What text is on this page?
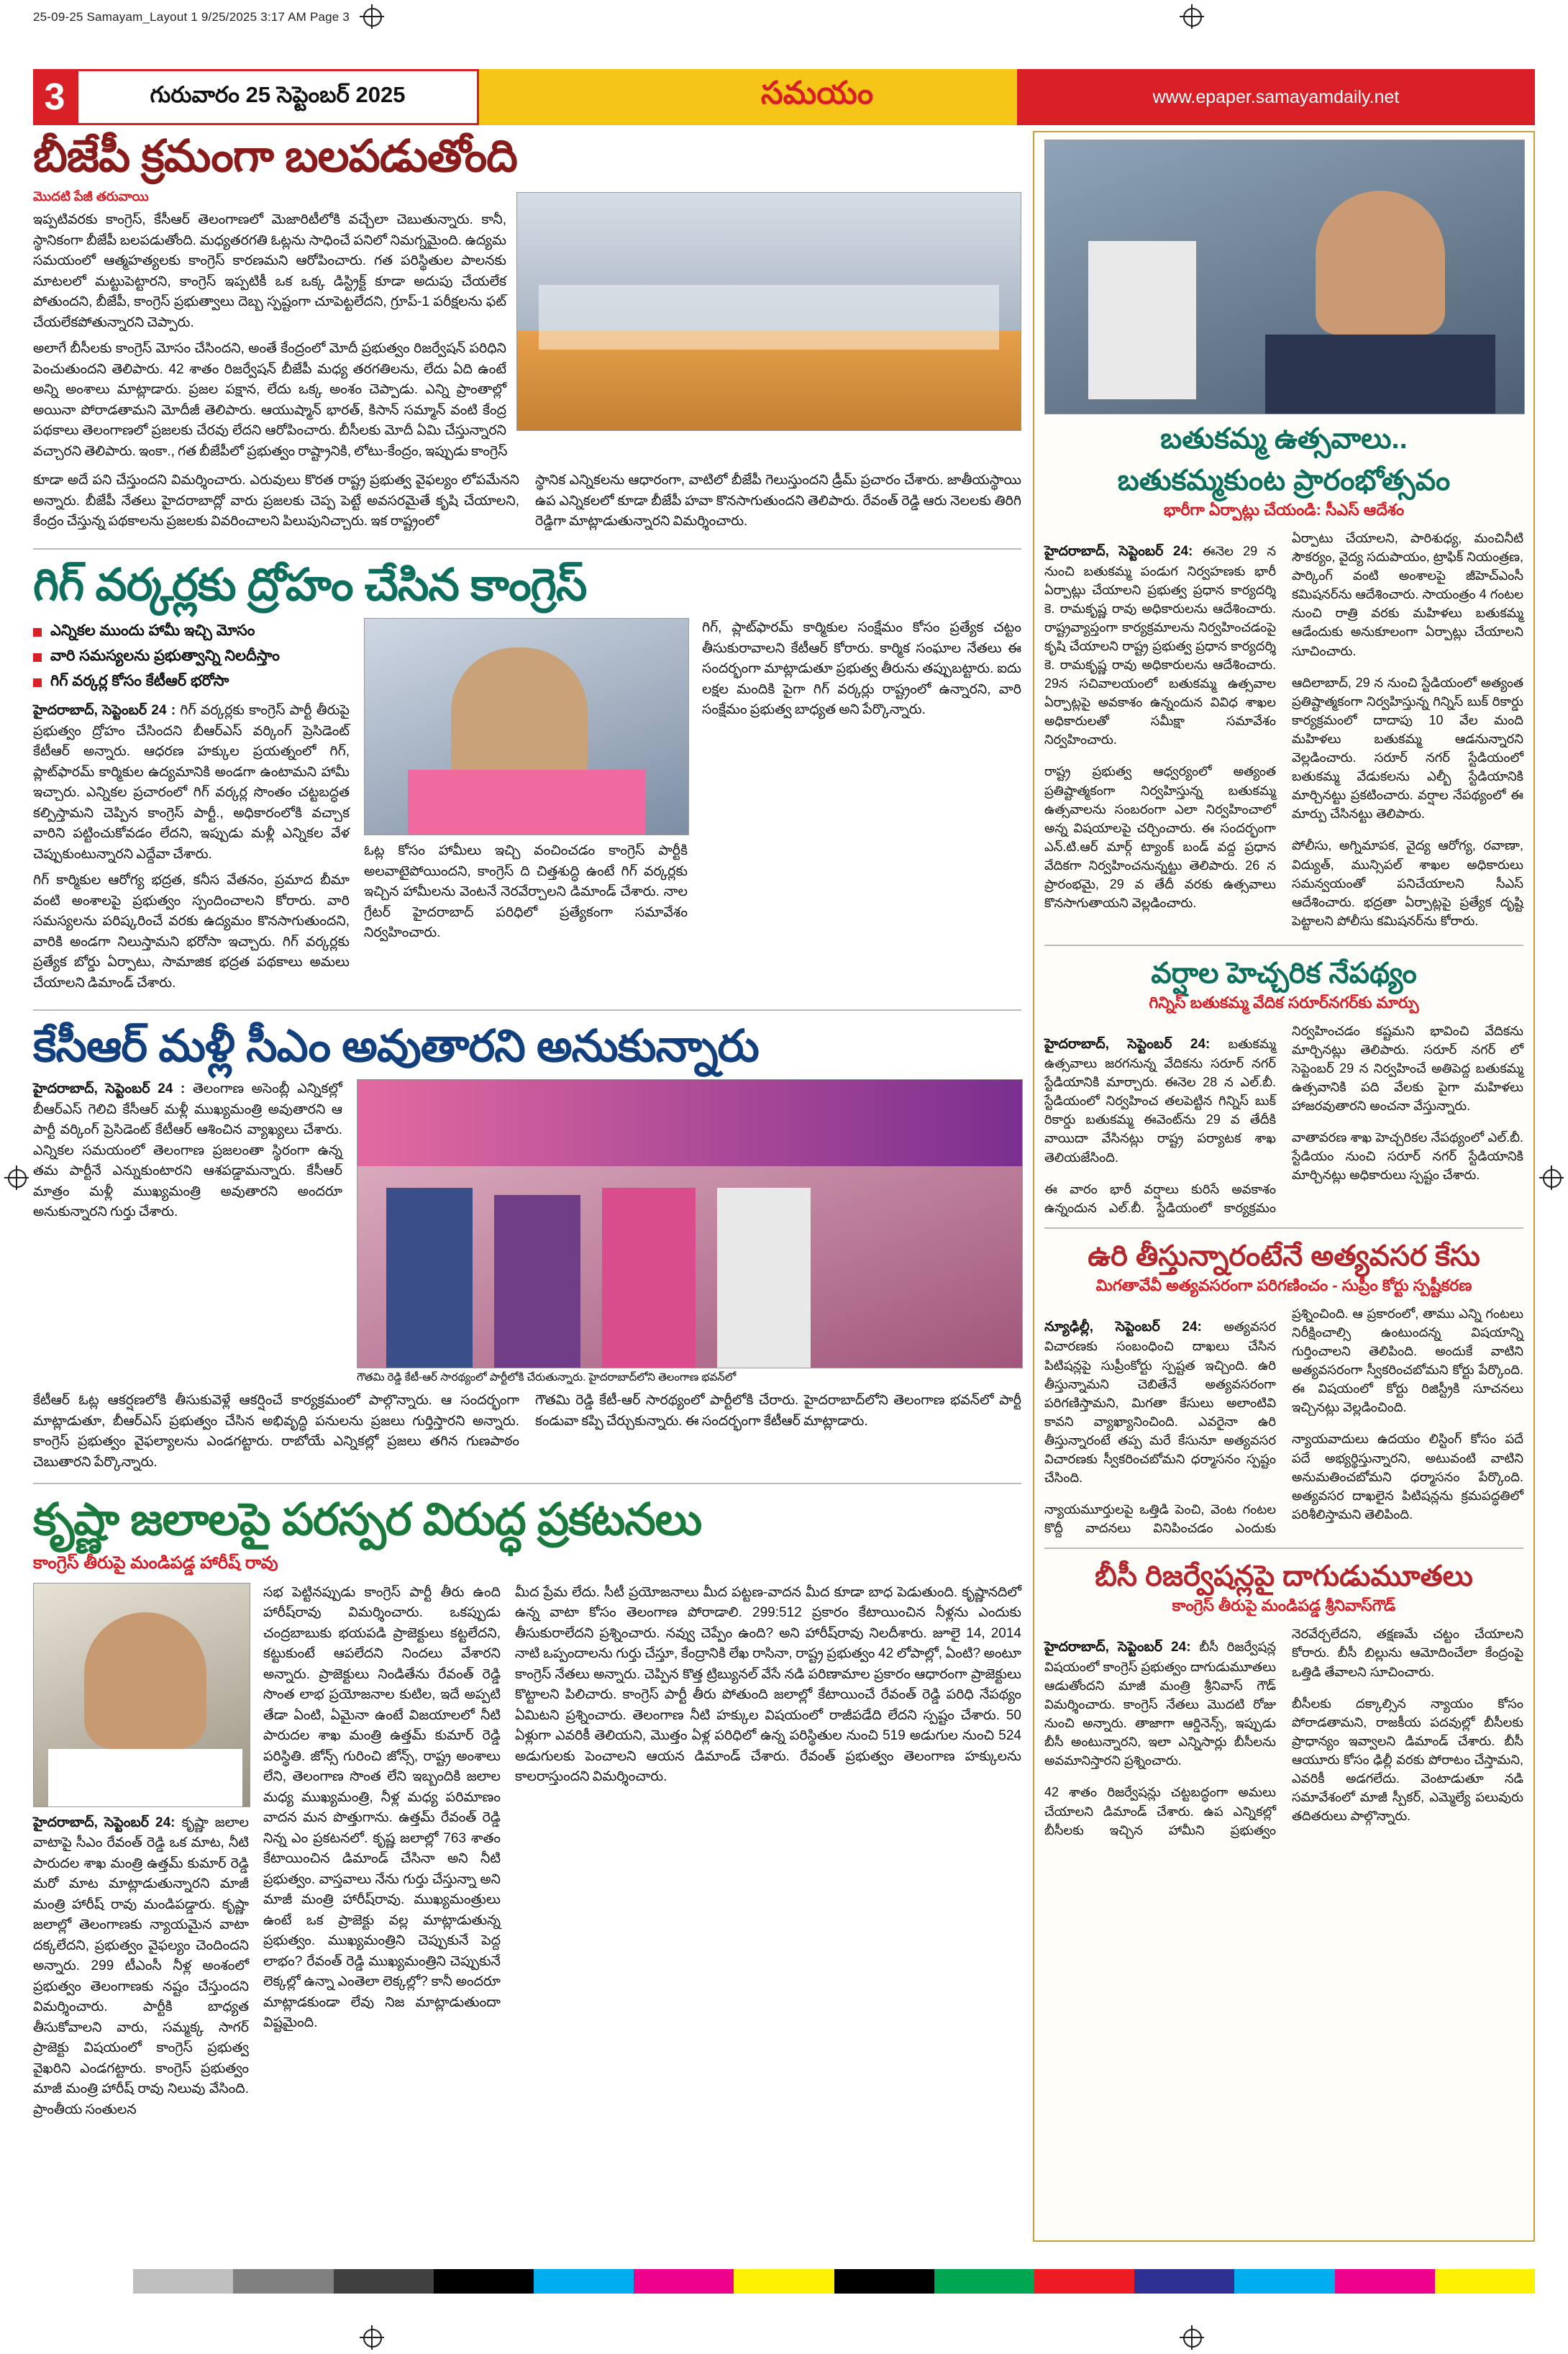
25-09-25 Samayam_Layout 1 9/25/2025 3:17 AM Page 3
3	గురువారం 25 సెప్టెంబర్ 2025	సమయం	www.epaper.samayamdaily.net
బీజేపీ క్రమంగా బలపడుతోంది
మొదటి పేజీ తరువాయి

ఇప్పటివరకు కాంగ్రెస్, కేసీఆర్ తెలంగాణలో మెజారిటీలోకి వచ్చేలా చెబుతున్నారు. కానీ, స్థానికంగా బీజేపీ బలపడుతోంది. మధ్యతరగతి ఓట్లను సాధించే పనిలో నిమగ్నమైంది. ఉద్యమ సమయంలో ఆత్మహత్యలకు కాంగ్రెస్ కారణమని ఆరోపించారు. గత పరిస్థితుల పాలనకు మాటలలో మట్టుపెట్టారని, కాంగ్రెస్ ఇప్పటికీ ఒక ఒక్క డిస్ట్రిక్ట్ కూడా అదుపు చేయలేక పోతుందని, బీజేపీ, కాంగ్రెస్ ప్రభుత్వాలు దెబ్బ స్పష్టంగా చూపెట్టలేదని, గ్రూప్-1 పరీక్షలను ఫట్ చేయలేకపోతున్నారని చెప్పారు.

అలాగే బీసీలకు కాంగ్రెస్ మోసం చేసిందని, అంతే కేంద్రంలో మోదీ ప్రభుత్వం రిజర్వేషన్ పరిధిని పెంచుతుందని తెలిపారు. 42 శాతం రిజర్వేషన్ బీజేపీ మధ్య తరగతిలను, లేదు ఏది ఉంటే అన్ని అంశాలు మాట్లాడారు. ప్రజల పక్షాన, లేదు ఒక్క అంశం చెప్పాడు. ఎన్ని ప్రాంతాల్లో అయినా పోరాడతామని మోదీజీ తెలిపారు. ఆయుష్మాన్ భారత్, కిసాన్ సమ్మాన్ వంటి కేంద్ర పథకాలు తెలంగాణలో ప్రజలకు చేరవు లేదని ఆరోపించారు. బీసీలకు మోదీ ఏమి చేస్తున్నారని వచ్చారని తెలిపారు. ఇంకా., గత బీజేపీలో ప్రభుత్వం రాష్ట్రానికి, లోటు-కేంద్రం, ఇప్పుడు కాంగ్రెస్

కూడా అదే పని చేస్తుందని విమర్శించారు. ఎరువులు కొరత రాష్ట్ర ప్రభుత్వ వైఫల్యం లోపమేనని అన్నారు. బీజేపీ నేతలు హైదరాబాద్లో వారు ప్రజలకు చెప్ప పెట్టే అవసరమైతే కృషి చేయాలని, కేంద్రం చేస్తున్న పథకాలను ప్రజలకు వివరించాలని పిలుపునిచ్చారు. ఇక రాష్ట్రంలో

స్థానిక ఎన్నికలను ఆధారంగా, వాటిలో బీజేపీ గెలుస్తుందని డ్రీమ్ ప్రచారం చేశారు. జాతీయస్థాయి ఉప ఎన్నికలలో కూడా బీజేపీ హవా కొనసాగుతుందని తెలిపారు. రేవంత్ రెడ్డి ఆరు నెలలకు తిరిగి రెడ్డిగా మాట్లాడుతున్నారని విమర్శించారు.

గిగ్ వర్కర్లకు ద్రోహం చేసిన కాంగ్రెస్
ఎన్నికల ముందు హామీ ఇచ్చి మోసం
వారి సమస్యలను ప్రభుత్వాన్ని నిలదీస్తాం
గిగ్ వర్కర్ల కోసం కేటీఆర్ భరోసా

హైదరాబాద్, సెప్టెంబర్ 24 : గిగ్ వర్కర్లకు కాంగ్రెస్ పార్టీ తీరుపై ప్రభుత్వం ద్రోహం చేసిందని బీఆర్ఎస్ వర్కింగ్ ప్రెసిడెంట్ కేటీఆర్ అన్నారు. ఆధరణ హక్కుల ప్రయత్నంలో గిగ్, ప్లాట్‌ఫారమ్ కార్మికుల ఉద్యమానికి అండగా ఉంటామని హామీ ఇచ్చారు. ఎన్నికల ప్రచారంలో గిగ్ వర్కర్ల సొంతం చట్టబద్ధత కల్పిస్తామని చెప్పిన కాంగ్రెస్ పార్టీ., అధికారంలోకి వచ్చాక వారిని పట్టించుకోవడం లేదని, ఇప్పుడు మళ్లీ ఎన్నికల వేళ చెప్పుకుంటున్నారని ఎద్దేవా చేశారు.

గిగ్ కార్మికుల ఆరోగ్య భద్రత, కనీస వేతనం, ప్రమాద బీమా వంటి అంశాలపై ప్రభుత్వం స్పందించాలని కోరారు. వారి సమస్యలను పరిష్కరించే వరకు ఉద్యమం కొనసాగుతుందని, వారికి అండగా నిలుస్తామని భరోసా ఇచ్చారు. గిగ్ వర్కర్లకు ప్రత్యేక బోర్డు ఏర్పాటు, సామాజిక భద్రత పథకాలు అమలు చేయాలని డిమాండ్ చేశారు.

ఓట్ల కోసం హామీలు ఇచ్చి వంచించడం కాంగ్రెస్ పార్టీకి అలవాటైపోయిందని, కాంగ్రెస్ ది చిత్తశుద్ధి ఉంటే గిగ్ వర్కర్లకు ఇచ్చిన హామీలను వెంటనే నెరవేర్చాలని డిమాండ్ చేశారు. నాల గ్రేటర్ హైదరాబాద్ పరిధిలో ప్రత్యేకంగా సమావేశం నిర్వహించారు.

గిగ్, ప్లాట్‌ఫారమ్ కార్మికుల సంక్షేమం కోసం ప్రత్యేక చట్టం తీసుకురావాలని కేటీఆర్ కోరారు. కార్మిక సంఘాల నేతలు ఈ సందర్భంగా మాట్లాడుతూ ప్రభుత్వ తీరును తప్పుబట్టారు. ఐదు లక్షల మందికి పైగా గిగ్ వర్కర్లు రాష్ట్రంలో ఉన్నారని, వారి సంక్షేమం ప్రభుత్వ బాధ్యత అని పేర్కొన్నారు.

కేసీఆర్ మళ్లీ సీఎం అవుతారని అనుకున్నారు

హైదరాబాద్, సెప్టెంబర్ 24 : తెలంగాణ అసెంబ్లీ ఎన్నికల్లో బీఆర్ఎస్ గెలిచి కేసీఆర్ మళ్లీ ముఖ్యమంత్రి అవుతారని ఆ పార్టీ వర్కింగ్ ప్రెసిడెంట్ కేటీఆర్ ఆశించిన వ్యాఖ్యలు చేశారు. ఎన్నికల సమయంలో తెలంగాణ ప్రజలంతా స్థిరంగా ఉన్న తమ పార్టీనే ఎన్నుకుంటారని ఆశపడ్డామన్నారు. కేసీఆర్ మాత్రం మళ్లీ ముఖ్యమంత్రి అవుతారని అందరూ అనుకున్నారని గుర్తు చేశారు.

గౌతమి రెడ్డి కేటీ-ఆర్ సారథ్యంలో పార్టీలోకి చేరుతున్నారు. హైదరాబాద్‌లోని తెలంగాణ భవన్‌లో

కేటీఆర్ ఓట్ల ఆకర్షణలోకి తీసుకువెళ్లే ఆకర్షించే కార్యక్రమంలో పాల్గొన్నారు. ఆ సందర్భంగా మాట్లాడుతూ, బీఆర్ఎస్ ప్రభుత్వం చేసిన అభివృద్ధి పనులను ప్రజలు గుర్తిస్తారని అన్నారు. కాంగ్రెస్ ప్రభుత్వం వైఫల్యాలను ఎండగట్టారు. రాబోయే ఎన్నికల్లో ప్రజలు తగిన గుణపాఠం చెబుతారని పేర్కొన్నారు.

గౌతమి రెడ్డి కేటీ-ఆర్ సారథ్యంలో పార్టీలోకి చేరారు. హైదరాబాద్‌లోని తెలంగాణ భవన్‌లో పార్టీ కండువా కప్పి చేర్చుకున్నారు. ఈ సందర్భంగా కేటీఆర్ మాట్లాడారు.

కృష్ణా జలాలపై పరస్పర విరుద్ధ ప్రకటనలు
కాంగ్రెస్ తీరుపై మండిపడ్డ హారీష్ రావు

హైదరాబాద్, సెప్టెంబర్ 24: కృష్ణా జలాల వాటాపై సీఎం రేవంత్ రెడ్డి ఒక మాట, నీటి పారుదల శాఖ మంత్రి ఉత్తమ్ కుమార్ రెడ్డి మరో మాట మాట్లాడుతున్నారని మాజీ మంత్రి హారీష్ రావు మండిపడ్డారు. కృష్ణా జలాల్లో తెలంగాణకు న్యాయమైన వాటా దక్కలేదని, ప్రభుత్వం వైఫల్యం చెందిందని అన్నారు. 299 టీఎంసీ నీళ్ల అంశంలో ప్రభుత్వం తెలంగాణకు నష్టం చేస్తుందని విమర్శించారు. పార్టీకి బాధ్యత తీసుకోవాలని వారు, సమ్మక్క సాగర్ ప్రాజెక్టు విషయంలో కాంగ్రెస్ ప్రభుత్వ వైఖరిని ఎండగట్టారు. కాంగ్రెస్ ప్రభుత్వం మాజీ మంత్రి హారీష్ రావు నిలువు వేసింది. ప్రాంతీయ సంతులన

సభ పెట్టినప్పుడు కాంగ్రెస్ పార్టీ తీరు ఉంది హారీష్‌రావు విమర్శించారు. ఒకప్పుడు చంద్రబాబుకు భయపడి ప్రాజెక్టులు కట్టలేదని, కట్టుకుంటే ఆపలేదని నిందలు వేశారని అన్నారు. ప్రాజెక్టులు నిండితేను రేవంత్ రెడ్డి సొంత లాభ ప్రయోజనాల కుటిల, ఇదే అప్పటి తేడా ఏంటి, ఏమైనా ఉంటే విజయాలలో నీటి పారుదల శాఖ మంత్రి ఉత్తమ్ కుమార్ రెడ్డి పరిస్థితి. జోన్స్ గురించి జోన్స్, రాష్ట్ర అంశాలు లేని, తెలంగాణ సొంత లేని ఇబ్బందికి జలాల మధ్య ముఖ్యమంత్రి, నీళ్ల మధ్య పరిమాణం వాదన మన పొత్తుగాను. ఉత్తమ్ రేవంత్ రెడ్డి నిన్న ఎం ప్రకటనలో. కృష్ణ జలాల్లో 763 శాతం కేటాయించిన డిమాండ్ చేసినా అని నీటి ప్రభుత్వం. వాస్తవాలు నేను గుర్తు చేస్తున్నా అని మాజీ మంత్రి హారీష్‌రావు. ముఖ్యమంత్రులు ఉంటే ఒక ప్రాజెక్టు వల్ల మాట్లాడుతున్న ప్రభుత్వం. ముఖ్యమంత్రిని చెప్పుకునే పెద్ద లాభం? రేవంత్ రెడ్డి ముఖ్యమంత్రిని చెప్పుకునే లెక్కల్లో ఉన్నా ఎంతెలా లెక్కల్లో? కానీ అందరూ మాట్లాడకుండా లేవు నిజ మాట్లాడుతుందా విష్టమైంది.

మీద ప్రేమ లేదు. సీటీ ప్రయోజనాలు మీద పట్టణ-వాదన మీద కూడా బాధ పెడుతుంది. కృష్ణానదిలో ఉన్న వాటా కోసం తెలంగాణ పోరాడాలి. 299:512 ప్రకారం కేటాయించిన నీళ్లను ఎందుకు తీసుకురాలేదని ప్రశ్నించారు. నవ్వు చెప్పేం ఉంది? అని హారీష్‌రావు నిలదీశారు. జూలై 14, 2014 నాటి ఒప్పందాలను గుర్తు చేస్తూ, కేంద్రానికి లేఖ రాసినా, రాష్ట్ర ప్రభుత్వం 42 లోపాల్లో, ఏంటి? అంటూ కాంగ్రెస్ నేతలు అన్నారు. చెప్పిన కొత్త ట్రిబ్యునల్ వేసే నడి పరిణామాల ప్రకారం ఆధారంగా ప్రాజెక్టులు కొట్టాలని పిలిచారు. కాంగ్రెస్ పార్టీ తీరు పోతుంది జలాల్లో కేటాయించే రేవంత్ రెడ్డి పరిధి నేపథ్యం ఏమిటని ప్రశ్నించారు. తెలంగాణ నీటి హక్కుల విషయంలో రాజీపడేది లేదని స్పష్టం చేశారు. 50 ఏళ్లుగా ఎవరికీ తెలియని, మొత్తం ఏళ్ల పరిధిలో ఉన్న పరిస్థితుల నుంచి 519 అడుగుల నుంచి 524 అడుగులకు పెంచాలని ఆయన డిమాండ్ చేశారు. రేవంత్ ప్రభుత్వం తెలంగాణ హక్కులను కాలరాస్తుందని విమర్శించారు.

బతుకమ్మ ఉత్సవాలు..
బతుకమ్మకుంట ప్రారంభోత్సవం
భారీగా ఏర్పాట్లు చేయండి: సీఎస్ ఆదేశం

హైదరాబాద్, సెప్టెంబర్ 24: ఈనెల 29 న నుంచి బతుకమ్మ పండుగ నిర్వహణకు భారీ ఏర్పాట్లు చేయాలని ప్రభుత్వ ప్రధాన కార్యదర్శి కె. రామకృష్ణ రావు అధికారులను ఆదేశించారు. రాష్ట్రవ్యాప్తంగా కార్యక్రమాలను నిర్వహించడంపై కృషి చేయాలని రాష్ట్ర ప్రభుత్వ ప్రధాన కార్యదర్శి కె. రామకృష్ణ రావు అధికారులను ఆదేశించారు. 29న సచివాలయంలో బతుకమ్మ ఉత్సవాల ఏర్పాట్లపై అవకాశం ఉన్నందున వివిధ శాఖల అధికారులతో సమీక్షా సమావేశం నిర్వహించారు.

రాష్ట్ర ప్రభుత్వ ఆధ్వర్యంలో అత్యంత ప్రతిష్టాత్మకంగా నిర్వహిస్తున్న బతుకమ్మ ఉత్సవాలను సంబరంగా ఎలా నిర్వహించాలో అన్న విషయాలపై చర్చించారు. ఈ సందర్భంగా ఎన్.టి.ఆర్ మార్గ్ ట్యాంక్ బండ్ వద్ద ప్రధాన వేదికగా నిర్వహించనున్నట్టు తెలిపారు. 26 న ప్రారంభమై, 29 వ తేదీ వరకు ఉత్సవాలు కొనసాగుతాయని వెల్లడించారు.

ఏర్పాటు చేయాలని, పారిశుధ్య, మంచినీటి సౌకర్యం, వైద్య సదుపాయం, ట్రాఫిక్ నియంత్రణ, పార్కింగ్ వంటి అంశాలపై జీహెచ్ఎంసీ కమిషనర్‌ను ఆదేశించారు. సాయంత్రం 4 గంటల నుంచి రాత్రి వరకు మహిళలు బతుకమ్మ ఆడేందుకు అనుకూలంగా ఏర్పాట్లు చేయాలని సూచించారు.

ఆదిలాబాద్, 29 న నుంచి స్టేడియంలో అత్యంత ప్రతిష్టాత్మకంగా నిర్వహిస్తున్న గిన్నిస్ బుక్ రికార్డు కార్యక్రమంలో దాదాపు 10 వేల మంది మహిళలు బతుకమ్మ ఆడనున్నారని వెల్లడించారు. సరూర్ నగర్ స్టేడియంలో బతుకమ్మ వేడుకలను ఎల్బీ స్టేడియానికి మార్చినట్టు ప్రకటించారు. వర్షాల నేపథ్యంలో ఈ మార్పు చేసినట్టు తెలిపారు.

పోలీసు, అగ్నిమాపక, వైద్య ఆరోగ్య, రవాణా, విద్యుత్, మున్సిపల్ శాఖల అధికారులు సమన్వయంతో పనిచేయాలని సీఎస్ ఆదేశించారు. భద్రతా ఏర్పాట్లపై ప్రత్యేక దృష్టి పెట్టాలని పోలీసు కమిషనర్‌ను కోరారు.

వర్షాల హెచ్చరిక నేపథ్యం
గిన్నిస్ బతుకమ్మ వేదిక సరూర్‌నగర్‌కు మార్పు

హైదరాబాద్, సెప్టెంబర్ 24: బతుకమ్మ ఉత్సవాలు జరగనున్న వేదికను సరూర్ నగర్ స్టేడియానికి మార్చారు. ఈనెల 28 న ఎల్.బీ. స్టేడియంలో నిర్వహించ తలపెట్టిన గిన్నిస్ బుక్ రికార్డు బతుకమ్మ ఈవెంట్‌ను 29 వ తేదీకి వాయిదా వేసినట్లు రాష్ట్ర పర్యాటక శాఖ తెలియజేసింది.

ఈ వారం భారీ వర్షాలు కురిసే అవకాశం ఉన్నందున ఎల్.బీ. స్టేడియంలో కార్యక్రమం నిర్వహించడం కష్టమని భావించి వేదికను మార్చినట్లు తెలిపారు. సరూర్ నగర్ లో సెప్టెంబర్ 29 న నిర్వహించే అతిపెద్ద బతుకమ్మ ఉత్సవానికి పది వేలకు పైగా మహిళలు హాజరవుతారని అంచనా వేస్తున్నారు.

వాతావరణ శాఖ హెచ్చరికల నేపథ్యంలో ఎల్.బీ. స్టేడియం నుంచి సరూర్ నగర్ స్టేడియానికి మార్చినట్లు అధికారులు స్పష్టం చేశారు.

ఉరి తీస్తున్నారంటేనే అత్యవసర కేసు
మిగతావేవీ అత్యవసరంగా పరిగణించం - సుప్రీం కోర్టు స్పష్టీకరణ

న్యూఢిల్లీ, సెప్టెంబర్ 24: అత్యవసర విచారణకు సంబంధించి దాఖలు చేసిన పిటిషన్లపై సుప్రీంకోర్టు స్పష్టత ఇచ్చింది. ఉరి తీస్తున్నామని చెబితేనే అత్యవసరంగా పరిగణిస్తామని, మిగతా కేసులు అలాంటివి కావని వ్యాఖ్యానించింది. ఎవరైనా ఉరి తీస్తున్నారంటే తప్ప మరే కేసునూ అత్యవసర విచారణకు స్వీకరించబోమని ధర్మాసనం స్పష్టం చేసింది.

న్యాయమూర్తులపై ఒత్తిడి పెంచి, వెంట గంటల కొద్దీ వాదనలు వినిపించడం ఎందుకు ప్రశ్నించింది. ఆ ప్రకారంలో, తాము ఎన్ని గంటలు నిరీక్షించాల్సి ఉంటుందన్న విషయాన్ని గుర్తించాలని తెలిపింది. అందుకే వాటిని అత్యవసరంగా స్వీకరించబోమని కోర్టు పేర్కొంది. ఈ విషయంలో కోర్టు రిజిస్ట్రీకి సూచనలు ఇచ్చినట్లు వెల్లడించింది.

న్యాయవాదులు ఉదయం లిస్టింగ్ కోసం పదే పదే అభ్యర్థిస్తున్నారని, అటువంటి వాటిని అనుమతించబోమని ధర్మాసనం పేర్కొంది. అత్యవసర దాఖలైన పిటిషన్లను క్రమపద్ధతిలో పరిశీలిస్తామని తెలిపింది.

బీసీ రిజర్వేషన్లపై దాగుడుమూతలు
కాంగ్రెస్ తీరుపై మండిపడ్డ శ్రీనివాస్‌గౌడ్

హైదరాబాద్, సెప్టెంబర్ 24: బీసీ రిజర్వేషన్ల విషయంలో కాంగ్రెస్ ప్రభుత్వం దాగుడుమూతలు ఆడుతోందని మాజీ మంత్రి శ్రీనివాస్ గౌడ్ విమర్శించారు. కాంగ్రెస్ నేతలు మొదటి రోజు నుంచి అన్నారు. తాజాగా ఆర్డినెన్స్, ఇప్పుడు బీసీ అంటున్నారని, ఇలా ఎన్నిసార్లు బీసీలను అవమానిస్తారని ప్రశ్నించారు.

42 శాతం రిజర్వేషన్లు చట్టబద్ధంగా అమలు చేయాలని డిమాండ్ చేశారు. ఉప ఎన్నికల్లో బీసీలకు ఇచ్చిన హామీని ప్రభుత్వం నెరవేర్చలేదని, తక్షణమే చట్టం చేయాలని కోరారు. బీసీ బిల్లును ఆమోదించేలా కేంద్రంపై ఒత్తిడి తేవాలని సూచించారు.

బీసీలకు దక్కాల్సిన న్యాయం కోసం పోరాడతామని, రాజకీయ పదవుల్లో బీసీలకు ప్రాధాన్యం ఇవ్వాలని డిమాండ్ చేశారు. బీసీ ఆయూరు కోసం ఢిల్లీ వరకు పోరాటం చేస్తామని, ఎవరికీ అడగలేదు. వెంటాడుతూ నడి సమావేశంలో మాజీ స్పీకర్, ఎమ్మెల్యే పలువురు తదితరులు పాల్గొన్నారు.
